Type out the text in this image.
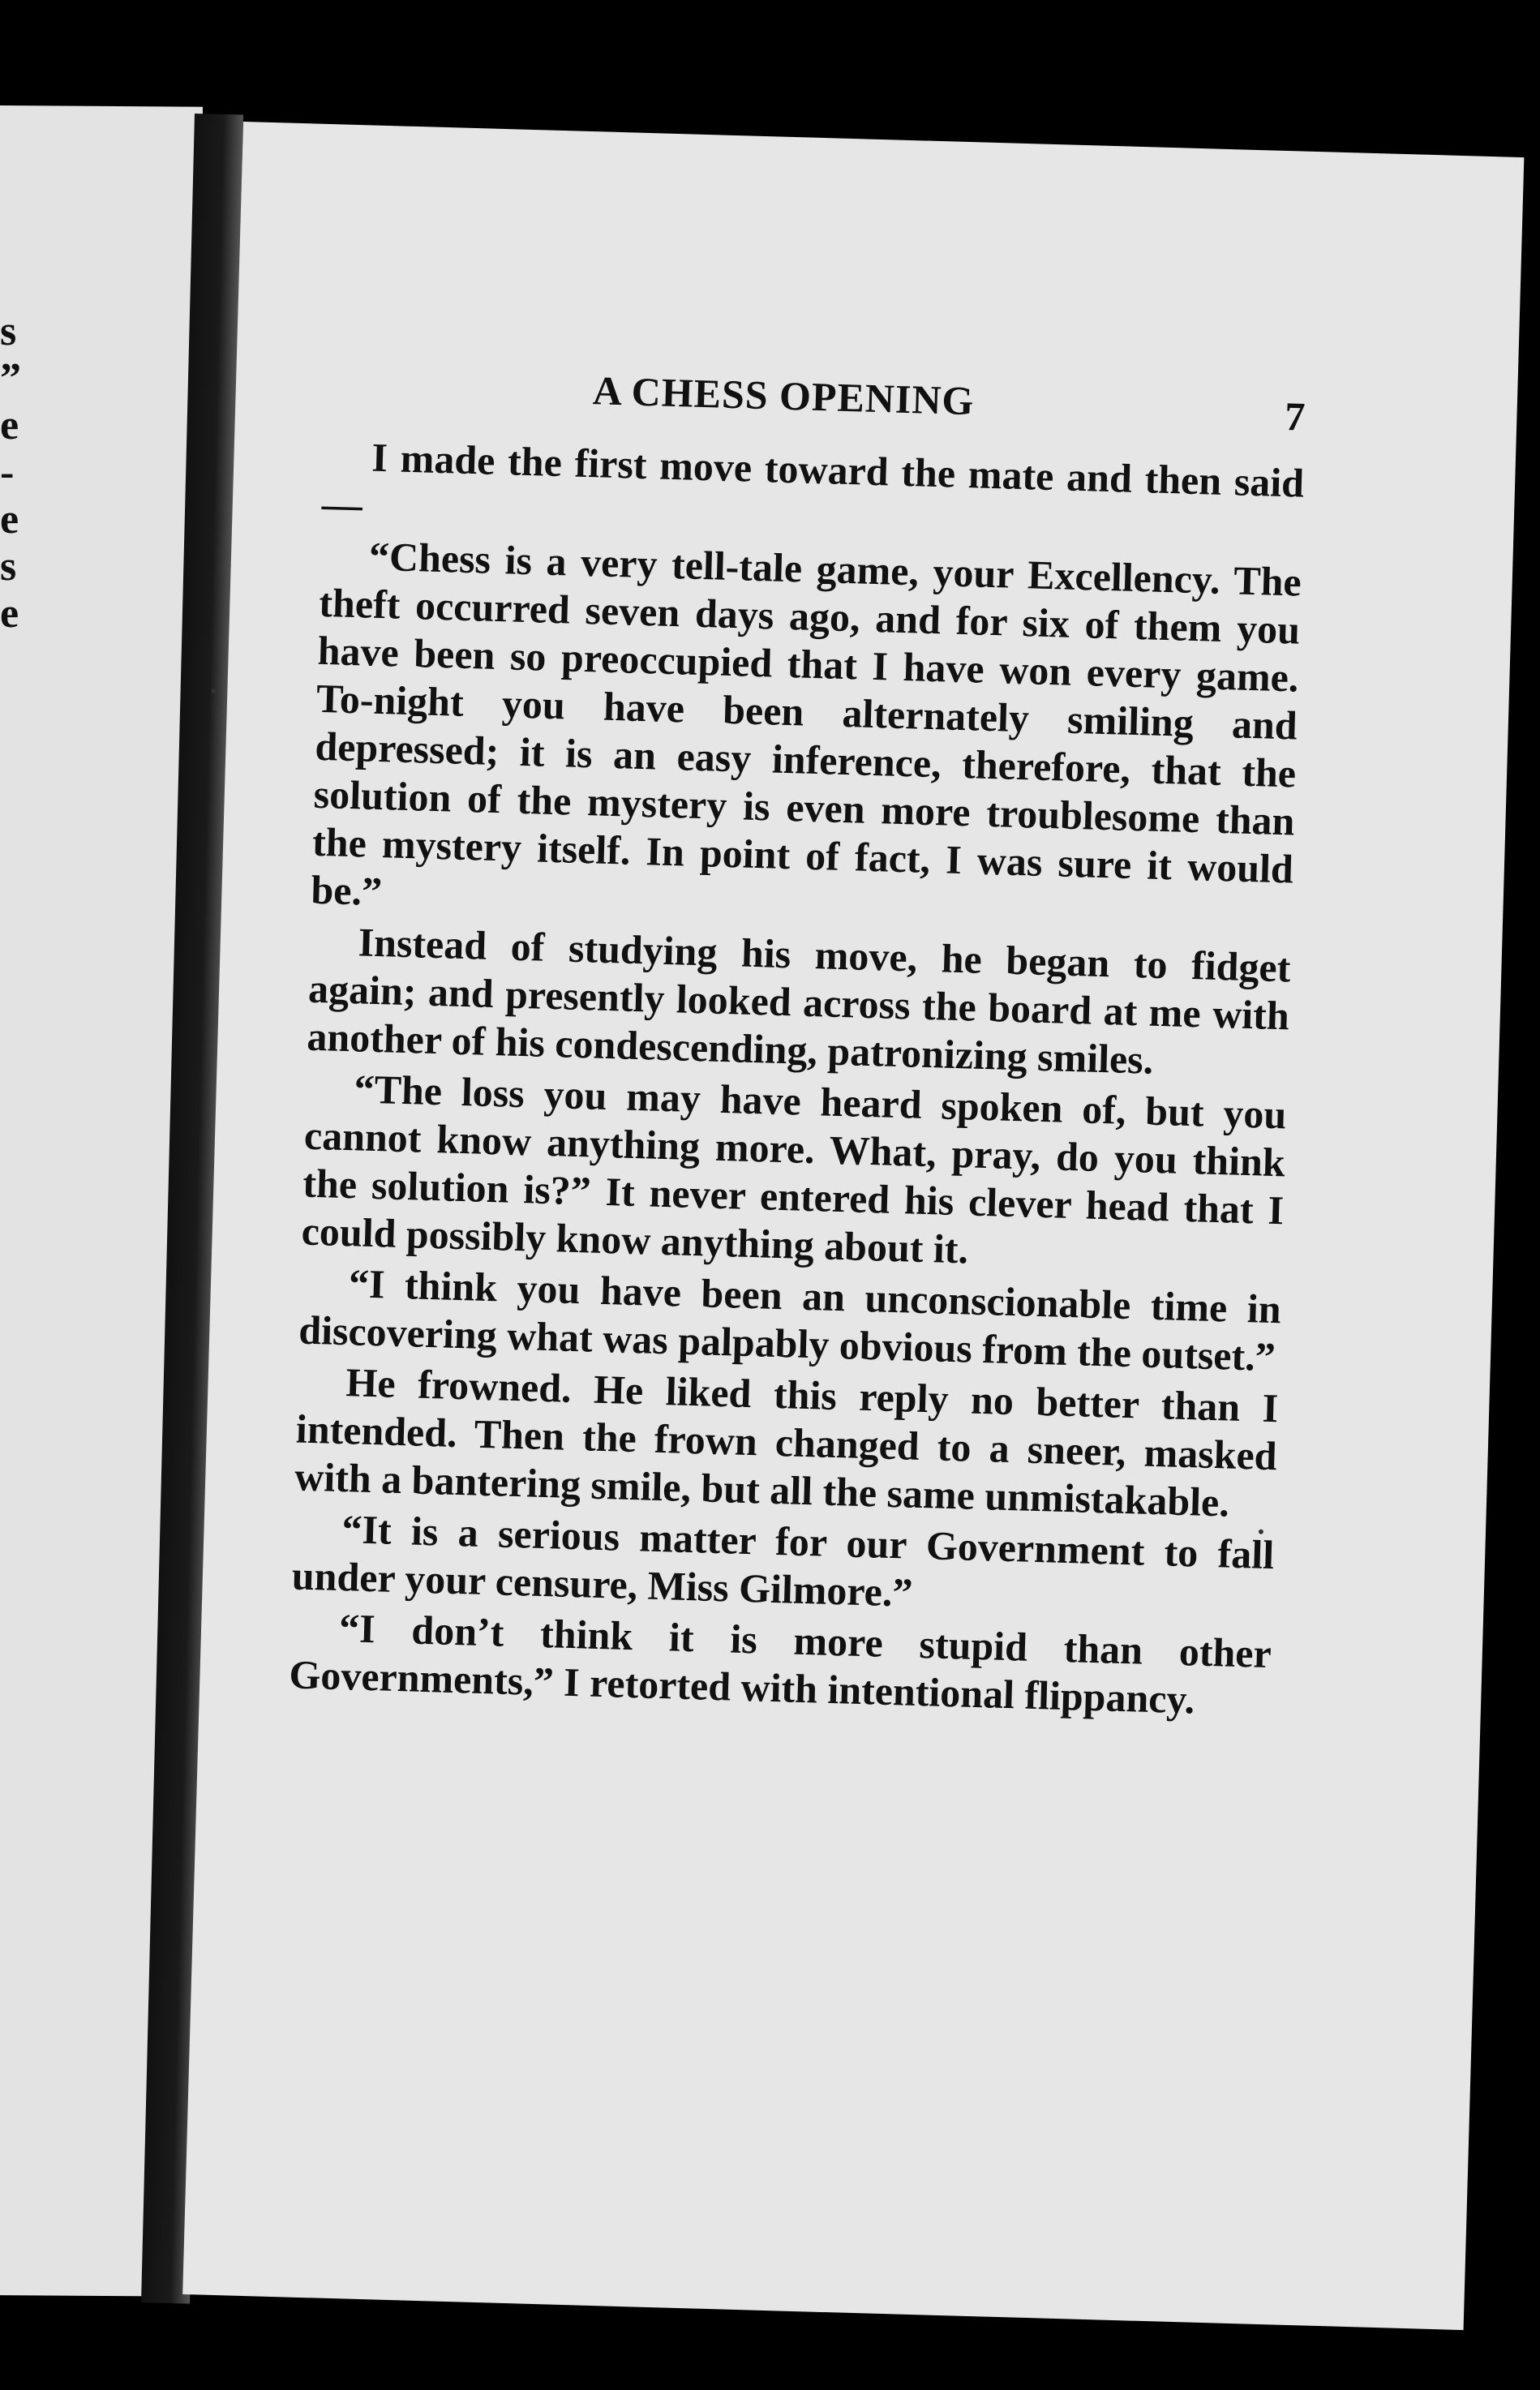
s
”
e
-
e
s
e
A CHESS OPENING	7

I made the first move toward the mate and then said—

“Chess is a very tell-tale game, your Excellency. The theft occurred seven days ago, and for six of them you have been so preoccupied that I have won every game. To-night you have been alternately smiling and depressed; it is an easy inference, therefore, that the solution of the mystery is even more troublesome than the mystery itself. In point of fact, I was sure it would be.”

Instead of studying his move, he began to fidget again; and presently looked across the board at me with another of his condescending, patronizing smiles.

“The loss you may have heard spoken of, but you cannot know anything more. What, pray, do you think the solution is?” It never entered his clever head that I could possibly know anything about it.

“I think you have been an unconscionable time in discovering what was palpably obvious from the outset.”

He frowned. He liked this reply no better than I intended. Then the frown changed to a sneer, masked with a bantering smile, but all the same unmistakable.

“It is a serious matter for our Government to fall under your censure, Miss Gilmore.”

“I don’t think it is more stupid than other Governments,” I retorted with intentional flippancy.
